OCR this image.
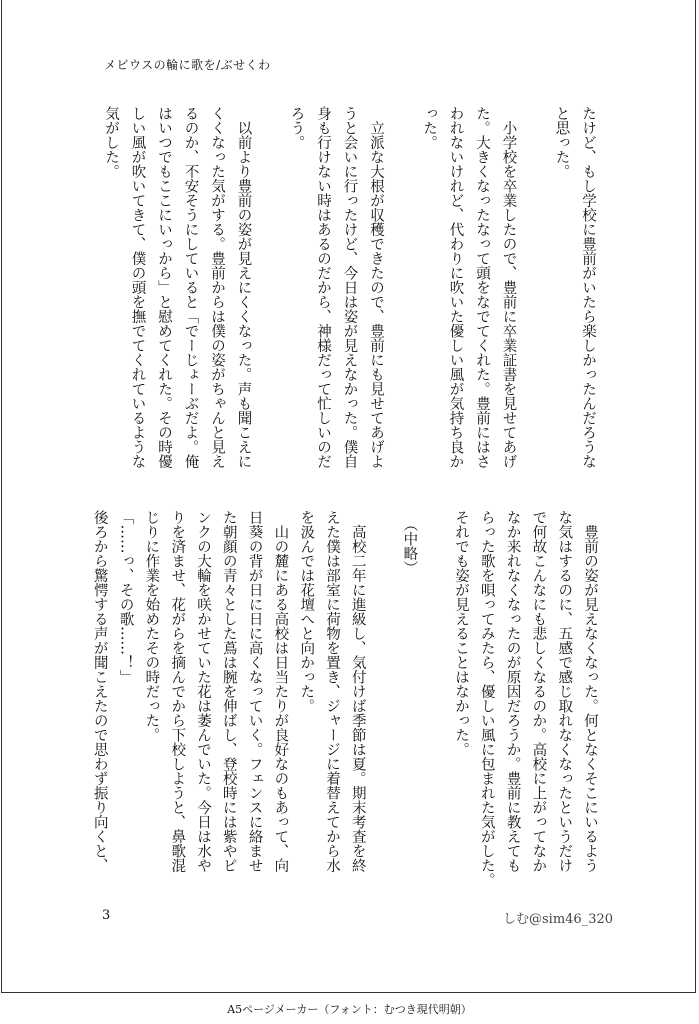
メビウスの輪に歌を/ぶせくわ
たけど、もし学校に豊前がいたら楽しかったんだろうな
と思った。
　小学校を卒業したので、豊前に卒業証書を見せてあげ
た。大きくなったなって頭をなでてくれた。豊前にはさ
われないけれど、代わりに吹いた優しい風が気持ち良か
った。
　立派な大根が収穫できたので、豊前にも見せてあげよ
うと会いに行ったけど、今日は姿が見えなかった。僕自
身も行けない時はあるのだから、神様だって忙しいのだ
ろう。
　以前より豊前の姿が見えにくくなった。声も聞こえに
くくなった気がする。豊前からは僕の姿がちゃんと見え
るのか、不安そうにしていると「でーじょーぶだよ。俺
はいつでもここにいっから」と慰めてくれた。その時優
しい風が吹いてきて、僕の頭を撫でてくれているような
気がした。
　豊前の姿が見えなくなった。何となくそこにいるよう
な気はするのに、五感で感じ取れなくなったというだけ
で何故こんなにも悲しくなるのか。高校に上がってなか
なか来れなくなったのが原因だろうか。豊前に教えても
らった歌を唄ってみたら、優しい風に包まれた気がした。
それでも姿が見えることはなかった。
　（中略）
　高校二年に進級し、気付けば季節は夏。期末考査を終
えた僕は部室に荷物を置き、ジャージに着替えてから水
を汲んでは花壇へと向かった。
　山の麓にある高校は日当たりが良好なのもあって、向
日葵の背が日に日に高くなっていく。フェンスに絡ませ
た朝顔の青々とした蔦は腕を伸ばし、登校時には紫やピ
ンクの大輪を咲かせていた花は萎んでいた。今日は水や
りを済ませ、花がらを摘んでから下校しようと、鼻歌混
じりに作業を始めたその時だった。
「……っ、その歌……！」
後ろから驚愕する声が聞こえたので思わず振り向くと、
3	しむ@sim46_320
A5ページメーカー（フォント：むつき現代明朝）
